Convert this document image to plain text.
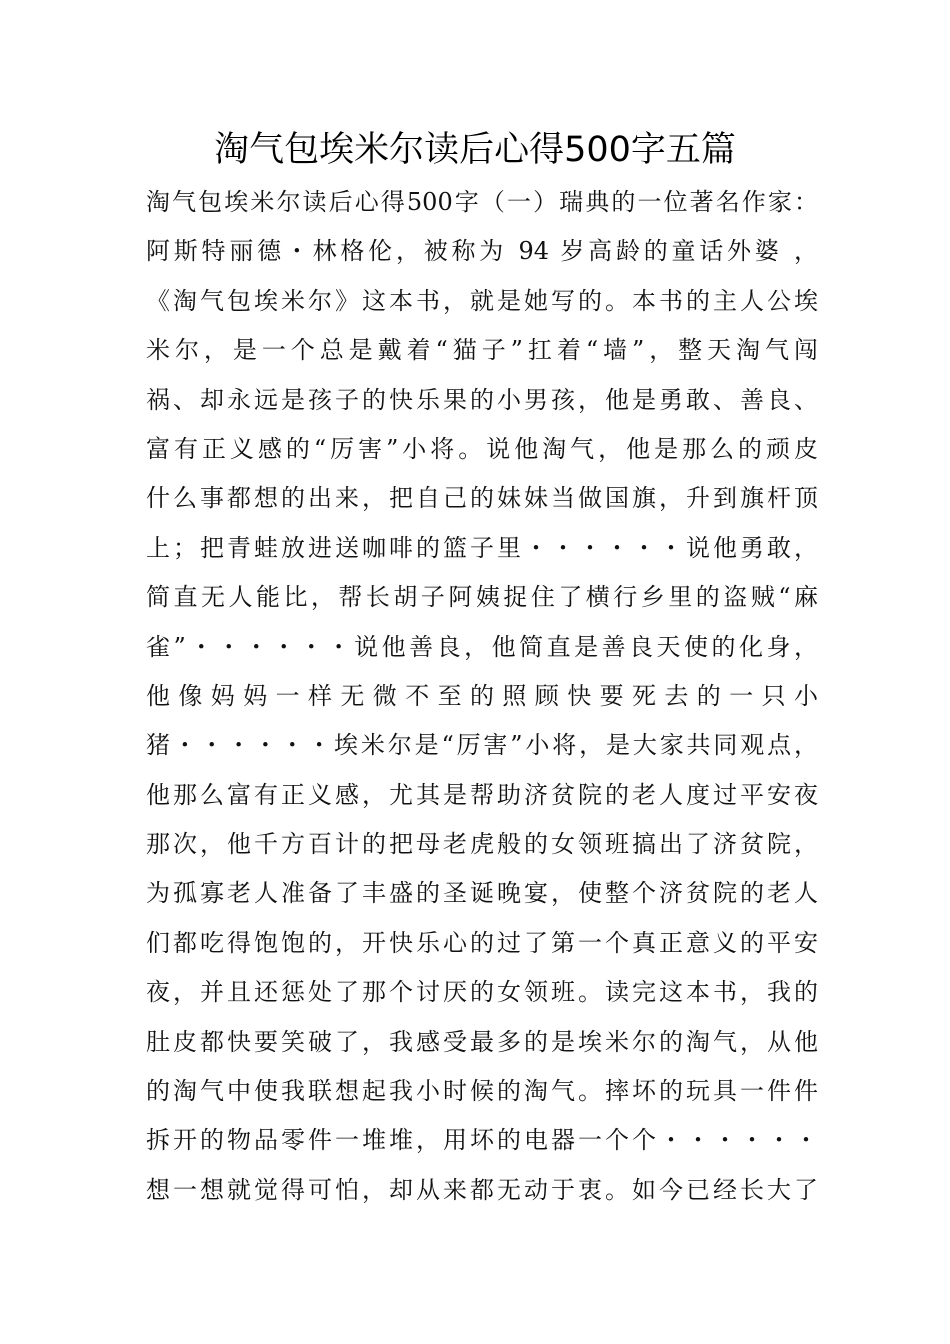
淘气包埃米尔读后心得500字五篇
淘气包埃米尔读后心得500字（一）瑞典的一位著名作家：
阿斯特丽德・林格伦，被称为 94 岁高龄的童话外婆 ，
《淘气包埃米尔》这本书，就是她写的。本书的主人公埃
米尔，是一个总是戴着“猫子”扛着“墙”，整天淘气闯
祸、却永远是孩子的快乐果的小男孩，他是勇敢、善良、
富有正义感的“厉害”小将。说他淘气，他是那么的顽皮
什么事都想的出来，把自己的妹妹当做国旗，升到旗杆顶
上；把青蛙放进送咖啡的篮子里・・・・・・说他勇敢，
简直无人能比，帮长胡子阿姨捉住了横行乡里的盗贼“麻
雀”・・・・・・说他善良，他简直是善良天使的化身，
他像妈妈一样无微不至的照顾快要死去的一只小
猪・・・・・・埃米尔是“厉害”小将，是大家共同观点，
他那么富有正义感，尤其是帮助济贫院的老人度过平安夜
那次，他千方百计的把母老虎般的女领班搞出了济贫院，
为孤寡老人准备了丰盛的圣诞晚宴，使整个济贫院的老人
们都吃得饱饱的，开快乐心的过了第一个真正意义的平安
夜，并且还惩处了那个讨厌的女领班。读完这本书，我的
肚皮都快要笑破了，我感受最多的是埃米尔的淘气，从他
的淘气中使我联想起我小时候的淘气。摔坏的玩具一件件
拆开的物品零件一堆堆，用坏的电器一个个・・・・・・
想一想就觉得可怕，却从来都无动于衷。如今已经长大了
